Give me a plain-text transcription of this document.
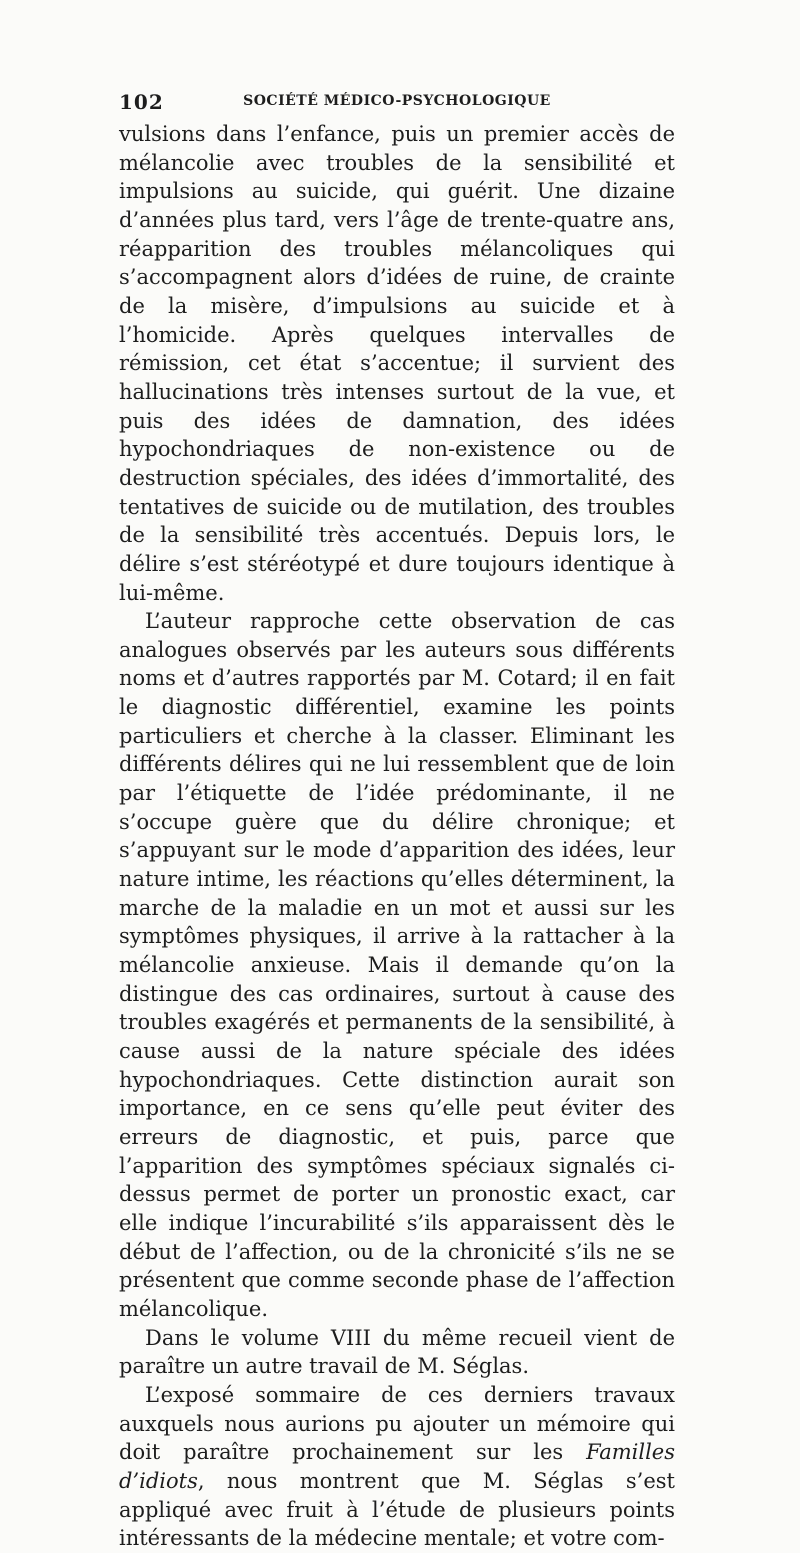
102	SOCIÉTÉ MÉDICO-PSYCHOLOGIQUE

vulsions dans l’enfance, puis un premier accès de mélancolie avec troubles de la sensibilité et impulsions au suicide, qui guérit. Une dizaine d’années plus tard, vers l’âge de trente-quatre ans, réapparition des troubles mélancoliques qui s’accompagnent alors d’idées de ruine, de crainte de la misère, d’impulsions au suicide et à l’homicide. Après quelques intervalles de rémission, cet état s’accentue; il survient des hallucinations très intenses surtout de la vue, et puis des idées de damnation, des idées hypochondriaques de non-existence ou de destruction spéciales, des idées d’immortalité, des tentatives de suicide ou de mutilation, des troubles de la sensibilité très accentués. Depuis lors, le délire s’est stéréotypé et dure toujours identique à lui-même.

L’auteur rapproche cette observation de cas analogues observés par les auteurs sous différents noms et d’autres rapportés par M. Cotard; il en fait le diagnostic différentiel, examine les points particuliers et cherche à la classer. Eliminant les différents délires qui ne lui ressemblent que de loin par l’étiquette de l’idée prédominante, il ne s’occupe guère que du délire chronique; et s’appuyant sur le mode d’apparition des idées, leur nature intime, les réactions qu’elles déterminent, la marche de la maladie en un mot et aussi sur les symptômes physiques, il arrive à la rattacher à la mélancolie anxieuse. Mais il demande qu’on la distingue des cas ordinaires, surtout à cause des troubles exagérés et permanents de la sensibilité, à cause aussi de la nature spéciale des idées hypochondriaques. Cette distinction aurait son importance, en ce sens qu’elle peut éviter des erreurs de diagnostic, et puis, parce que l’apparition des symptômes spéciaux signalés ci-dessus permet de porter un pronostic exact, car elle indique l’incurabilité s’ils apparaissent dès le début de l’affection, ou de la chronicité s’ils ne se présentent que comme seconde phase de l’affection mélancolique.

Dans le volume VIII du même recueil vient de paraître un autre travail de M. Séglas.

L’exposé sommaire de ces derniers travaux auxquels nous aurions pu ajouter un mémoire qui doit paraître prochainement sur les Familles d’idiots, nous montrent que M. Séglas s’est appliqué avec fruit à l’étude de plusieurs points intéressants de la médecine mentale; et votre com-
